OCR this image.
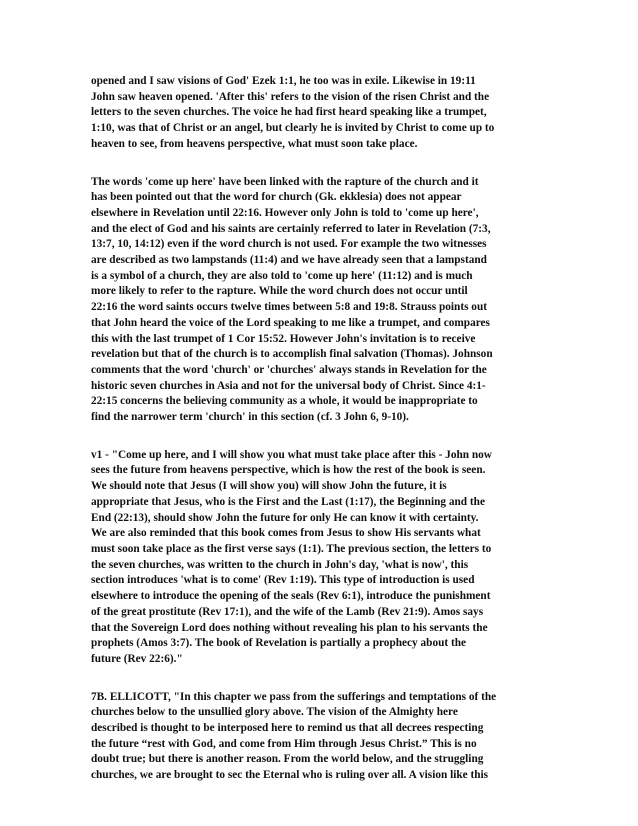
opened and I saw visions of God' Ezek 1:1, he too was in exile. Likewise in 19:11
John saw heaven opened. 'After this' refers to the vision of the risen Christ and the
letters to the seven churches. The voice he had first heard speaking like a trumpet,
1:10, was that of Christ or an angel, but clearly he is invited by Christ to come up to
heaven to see, from heavens perspective, what must soon take place.

The words 'come up here' have been linked with the rapture of the church and it
has been pointed out that the word for church (Gk. ekklesia) does not appear
elsewhere in Revelation until 22:16. However only John is told to 'come up here',
and the elect of God and his saints are certainly referred to later in Revelation (7:3,
13:7, 10, 14:12) even if the word church is not used. For example the two witnesses
are described as two lampstands (11:4) and we have already seen that a lampstand
is a symbol of a church, they are also told to 'come up here' (11:12) and is much
more likely to refer to the rapture. While the word church does not occur until
22:16 the word saints occurs twelve times between 5:8 and 19:8. Strauss points out
that John heard the voice of the Lord speaking to me like a trumpet, and compares
this with the last trumpet of 1 Cor 15:52. However John's invitation is to receive
revelation but that of the church is to accomplish final salvation (Thomas). Johnson
comments that the word 'church' or 'churches' always stands in Revelation for the
historic seven churches in Asia and not for the universal body of Christ. Since 4:1-
22:15 concerns the believing community as a whole, it would be inappropriate to
find the narrower term 'church' in this section (cf. 3 John 6, 9-10).

v1 - "Come up here, and I will show you what must take place after this - John now
sees the future from heavens perspective, which is how the rest of the book is seen.
We should note that Jesus (I will show you) will show John the future, it is
appropriate that Jesus, who is the First and the Last (1:17), the Beginning and the
End (22:13), should show John the future for only He can know it with certainty.
We are also reminded that this book comes from Jesus to show His servants what
must soon take place as the first verse says (1:1). The previous section, the letters to
the seven churches, was written to the church in John's day, 'what is now', this
section introduces 'what is to come' (Rev 1:19). This type of introduction is used
elsewhere to introduce the opening of the seals (Rev 6:1), introduce the punishment
of the great prostitute (Rev 17:1), and the wife of the Lamb (Rev 21:9). Amos says
that the Sovereign Lord does nothing without revealing his plan to his servants the
prophets (Amos 3:7). The book of Revelation is partially a prophecy about the
future (Rev 22:6)."

7B. ELLICOTT, "In this chapter we pass from the sufferings and temptations of the
churches below to the unsullied glory above. The vision of the Almighty here
described is thought to be interposed here to remind us that all decrees respecting
the future “rest with God, and come from Him through Jesus Christ.” This is no
doubt true; but there is another reason. From the world below, and the struggling
churches, we are brought to sec the Eternal who is ruling over all. A vision like this
